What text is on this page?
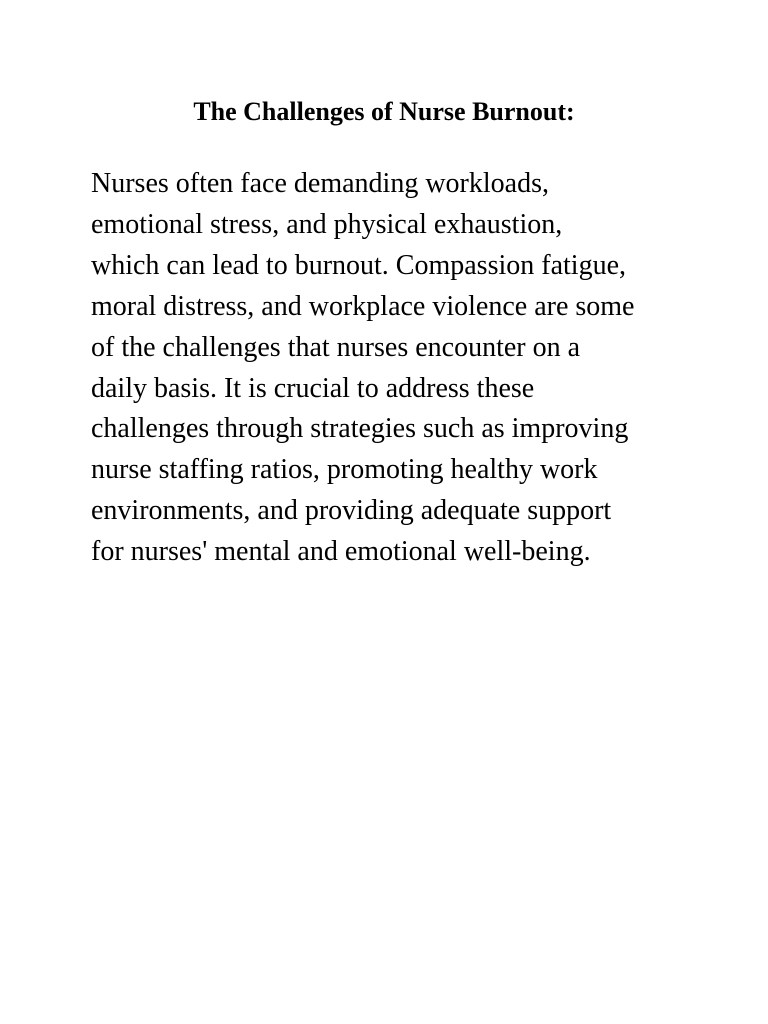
The Challenges of Nurse Burnout:

Nurses often face demanding workloads,
emotional stress, and physical exhaustion,
which can lead to burnout. Compassion fatigue,
moral distress, and workplace violence are some
of the challenges that nurses encounter on a
daily basis. It is crucial to address these
challenges through strategies such as improving
nurse staffing ratios, promoting healthy work
environments, and providing adequate support
for nurses' mental and emotional well-being.
